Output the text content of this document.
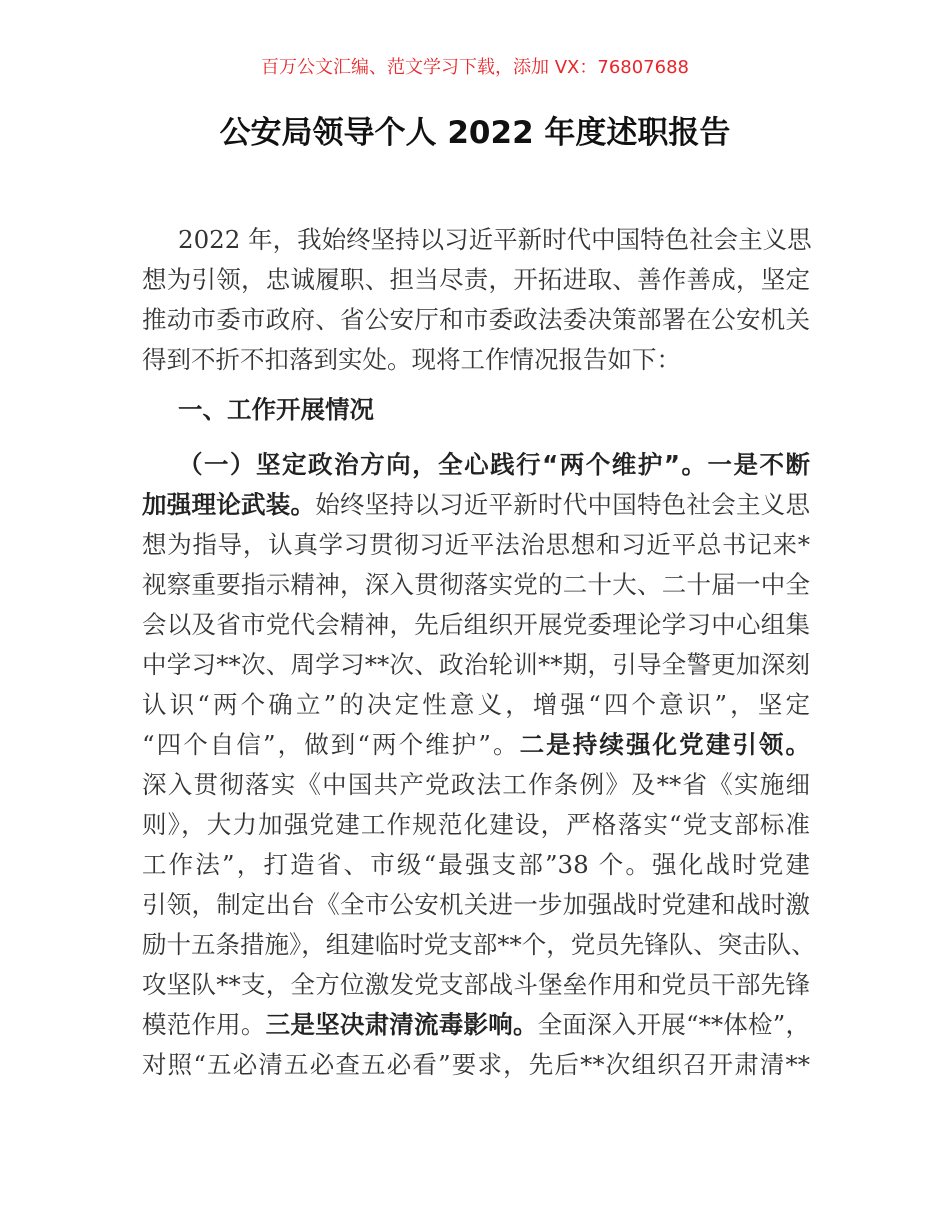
百万公文汇编、范文学习下载，添加 VX：76807688
公安局领导个人 2022 年度述职报告
2022 年，我始终坚持以习近平新时代中国特色社会主义思
想为引领，忠诚履职、担当尽责，开拓进取、善作善成，坚定
推动市委市政府、省公安厅和市委政法委决策部署在公安机关
得到不折不扣落到实处。现将工作情况报告如下：
一、工作开展情况
（一）坚定政治方向，全心践行“两个维护”。一是不断
加强理论武装。始终坚持以习近平新时代中国特色社会主义思
想为指导，认真学习贯彻习近平法治思想和习近平总书记来*
视察重要指示精神，深入贯彻落实党的二十大、二十届一中全
会以及省市党代会精神，先后组织开展党委理论学习中心组集
中学习**次、周学习**次、政治轮训**期，引导全警更加深刻
认识“两个确立”的决定性意义，增强“四个意识”，坚定
“四个自信”，做到“两个维护”。二是持续强化党建引领。
深入贯彻落实《中国共产党政法工作条例》及**省《实施细
则》，大力加强党建工作规范化建设，严格落实“党支部标准
工作法”，打造省、市级“最强支部”38 个。强化战时党建
引领，制定出台《全市公安机关进一步加强战时党建和战时激
励十五条措施》，组建临时党支部**个，党员先锋队、突击队、
攻坚队**支，全方位激发党支部战斗堡垒作用和党员干部先锋
模范作用。三是坚决肃清流毒影响。全面深入开展“**体检”，
对照“五必清五必查五必看”要求，先后**次组织召开肃清**
